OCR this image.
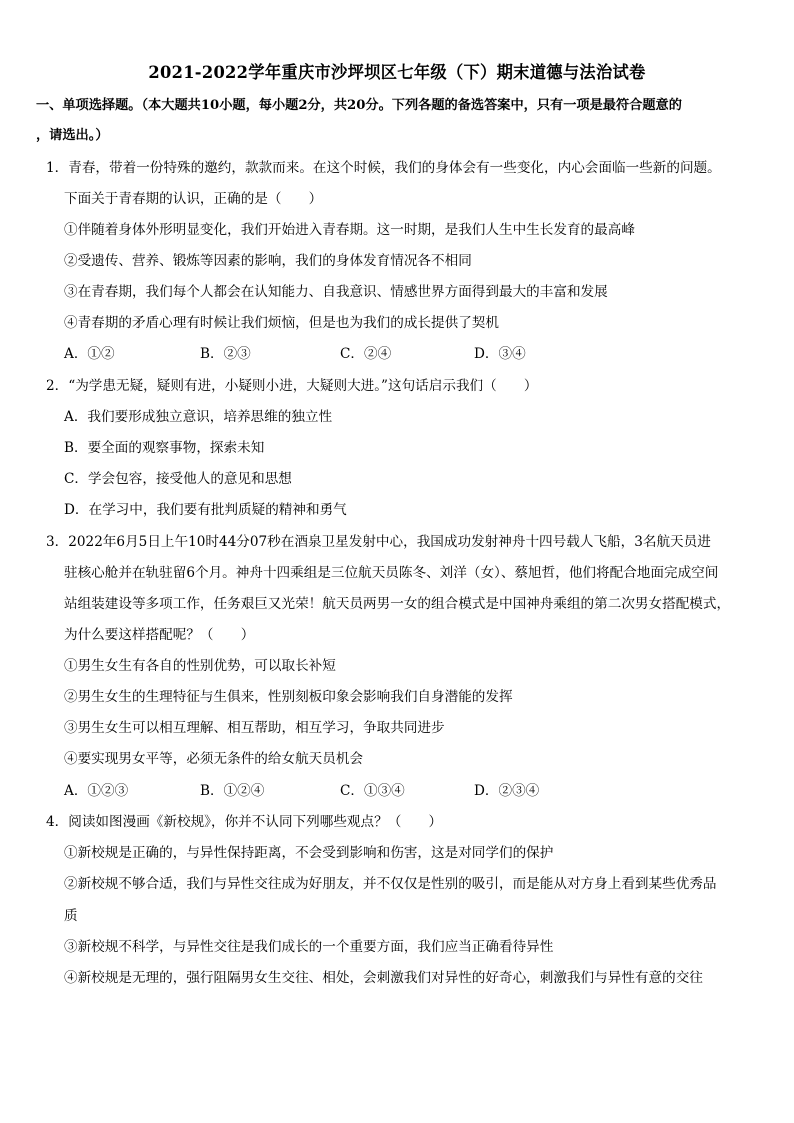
2021-2022学年重庆市沙坪坝区七年级（下）期末道德与法治试卷
一、单项选择题。（本大题共10小题，每小题2分，共20分。下列各题的备选答案中，只有一项是最符合题意的
，请选出。）
1．青春，带着一份特殊的邀约，款款而来。在这个时候，我们的身体会有一些变化，内心会面临一些新的问题。
下面关于青春期的认识，正确的是（　　）
①伴随着身体外形明显变化，我们开始进入青春期。这一时期，是我们人生中生长发育的最高峰
②受遗传、营养、锻炼等因素的影响，我们的身体发育情况各不相同
③在青春期，我们每个人都会在认知能力、自我意识、情感世界方面得到最大的丰富和发展
④青春期的矛盾心理有时候让我们烦恼，但是也为我们的成长提供了契机
A．①②	B．②③	C．②④	D．③④
2．“为学患无疑，疑则有进，小疑则小进，大疑则大进。”这句话启示我们（　　）
A．我们要形成独立意识，培养思维的独立性
B．要全面的观察事物，探索未知
C．学会包容，接受他人的意见和思想
D．在学习中，我们要有批判质疑的精神和勇气
3．2022年6月5日上午10时44分07秒在酒泉卫星发射中心，我国成功发射神舟十四号载人飞船，3名航天员进
驻核心舱并在轨驻留6个月。神舟十四乘组是三位航天员陈冬、刘洋（女）、蔡旭哲，他们将配合地面完成空间
站组装建设等多项工作，任务艰巨又光荣！航天员两男一女的组合模式是中国神舟乘组的第二次男女搭配模式，
为什么要这样搭配呢？（　　）
①男生女生有各自的性别优势，可以取长补短
②男生女生的生理特征与生俱来，性别刻板印象会影响我们自身潜能的发挥
③男生女生可以相互理解、相互帮助，相互学习，争取共同进步
④要实现男女平等，必须无条件的给女航天员机会
A．①②③	B．①②④	C．①③④	D．②③④
4．阅读如图漫画《新校规》，你并不认同下列哪些观点？（　　）
①新校规是正确的，与异性保持距离，不会受到影响和伤害，这是对同学们的保护
②新校规不够合适，我们与异性交往成为好朋友，并不仅仅是性别的吸引，而是能从对方身上看到某些优秀品
质
③新校规不科学，与异性交往是我们成长的一个重要方面，我们应当正确看待异性
④新校规是无理的，强行阻隔男女生交往、相处，会刺激我们对异性的好奇心，刺激我们与异性有意的交往
